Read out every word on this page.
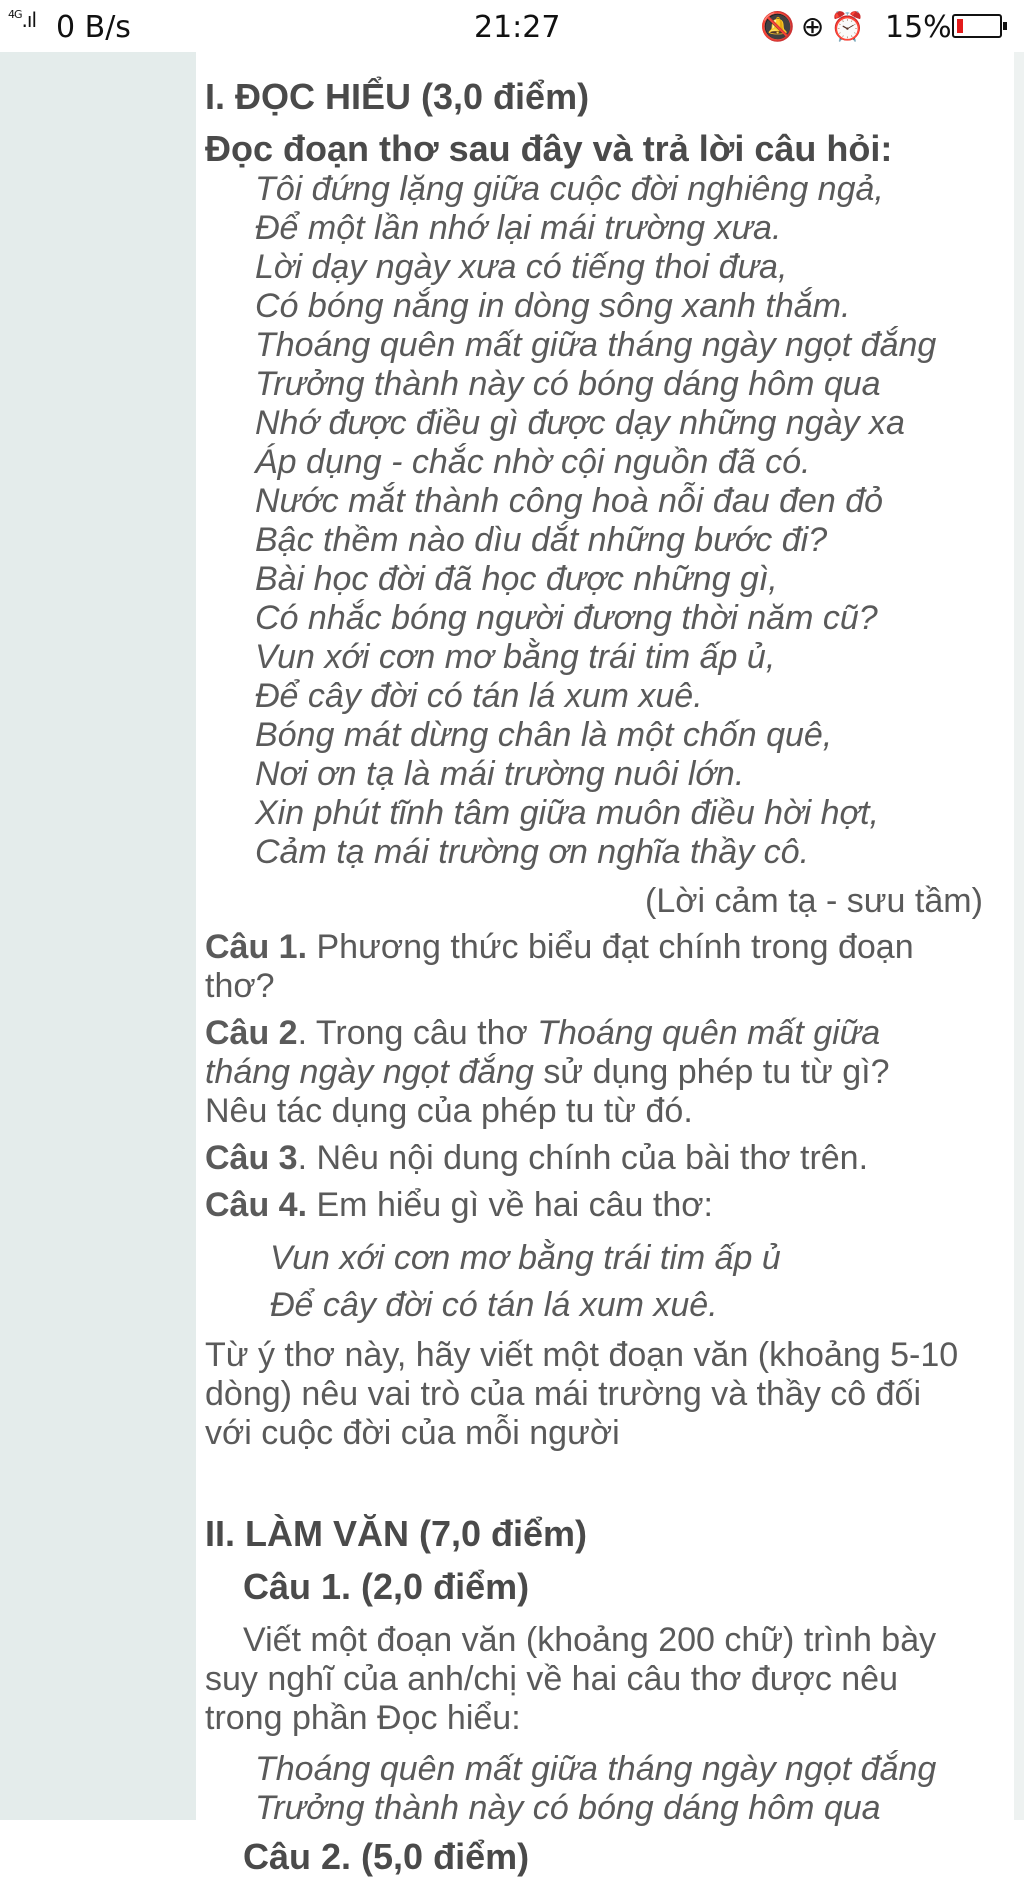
$^{4G}$.ıl 0 B/s	21:27	🔕⊕⏰ 15%
I. ĐỌC HIỂU (3,0 điểm)
Đọc đoạn thơ sau đây và trả lời câu hỏi:
Tôi đứng lặng giữa cuộc đời nghiêng ngả,
Để một lần nhớ lại mái trường xưa.
Lời dạy ngày xưa có tiếng thoi đưa,
Có bóng nắng in dòng sông xanh thắm.
Thoáng quên mất giữa tháng ngày ngọt đắng
Trưởng thành này có bóng dáng hôm qua
Nhớ được điều gì được dạy những ngày xa
Áp dụng - chắc nhờ cội nguồn đã có.
Nước mắt thành công hoà nỗi đau đen đỏ
Bậc thềm nào dìu dắt những bước đi?
Bài học đời đã học được những gì,
Có nhắc bóng người đương thời năm cũ?
Vun xới cơn mơ bằng trái tim ấp ủ,
Để cây đời có tán lá xum xuê.
Bóng mát dừng chân là một chốn quê,
Nơi ơn tạ là mái trường nuôi lớn.
Xin phút tĩnh tâm giữa muôn điều hời hợt,
Cảm tạ mái trường ơn nghĩa thầy cô.
(Lời cảm tạ - sưu tầm)
Câu 1. Phương thức biểu đạt chính trong đoạn
thơ?
Câu 2. Trong câu thơ Thoáng quên mất giữa
tháng ngày ngọt đắng sử dụng phép tu từ gì?
Nêu tác dụng của phép tu từ đó.
Câu 3. Nêu nội dung chính của bài thơ trên.
Câu 4. Em hiểu gì về hai câu thơ:
Vun xới cơn mơ bằng trái tim ấp ủ
Để cây đời có tán lá xum xuê.
Từ ý thơ này, hãy viết một đoạn văn (khoảng 5-10
dòng) nêu vai trò của mái trường và thầy cô đối
với cuộc đời của mỗi người
II. LÀM VĂN (7,0 điểm)
Câu 1. (2,0 điểm)
Viết một đoạn văn (khoảng 200 chữ) trình bày
suy nghĩ của anh/chị về hai câu thơ được nêu
trong phần Đọc hiểu:
Thoáng quên mất giữa tháng ngày ngọt đắng
Trưởng thành này có bóng dáng hôm qua
Câu 2. (5,0 điểm)
